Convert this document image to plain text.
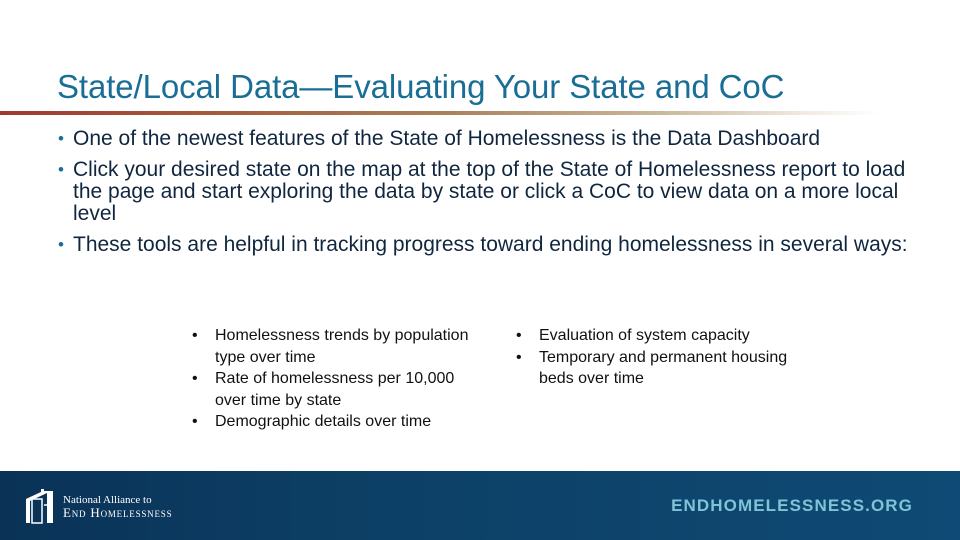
State/Local Data—Evaluating Your State and CoC
• One of the newest features of the State of Homelessness is the Data Dashboard
• Click your desired state on the map at the top of the State of Homelessness report to load the page and start exploring the data by state or click a CoC to view data on a more local level
• These tools are helpful in tracking progress toward ending homelessness in several ways:
• Homelessness trends by population type over time
• Rate of homelessness per 10,000 over time by state
• Demographic details over time
• Evaluation of system capacity
• Temporary and permanent housing beds over time
National Alliance to
End Homelessness	ENDHOMELESSNESS.ORG
